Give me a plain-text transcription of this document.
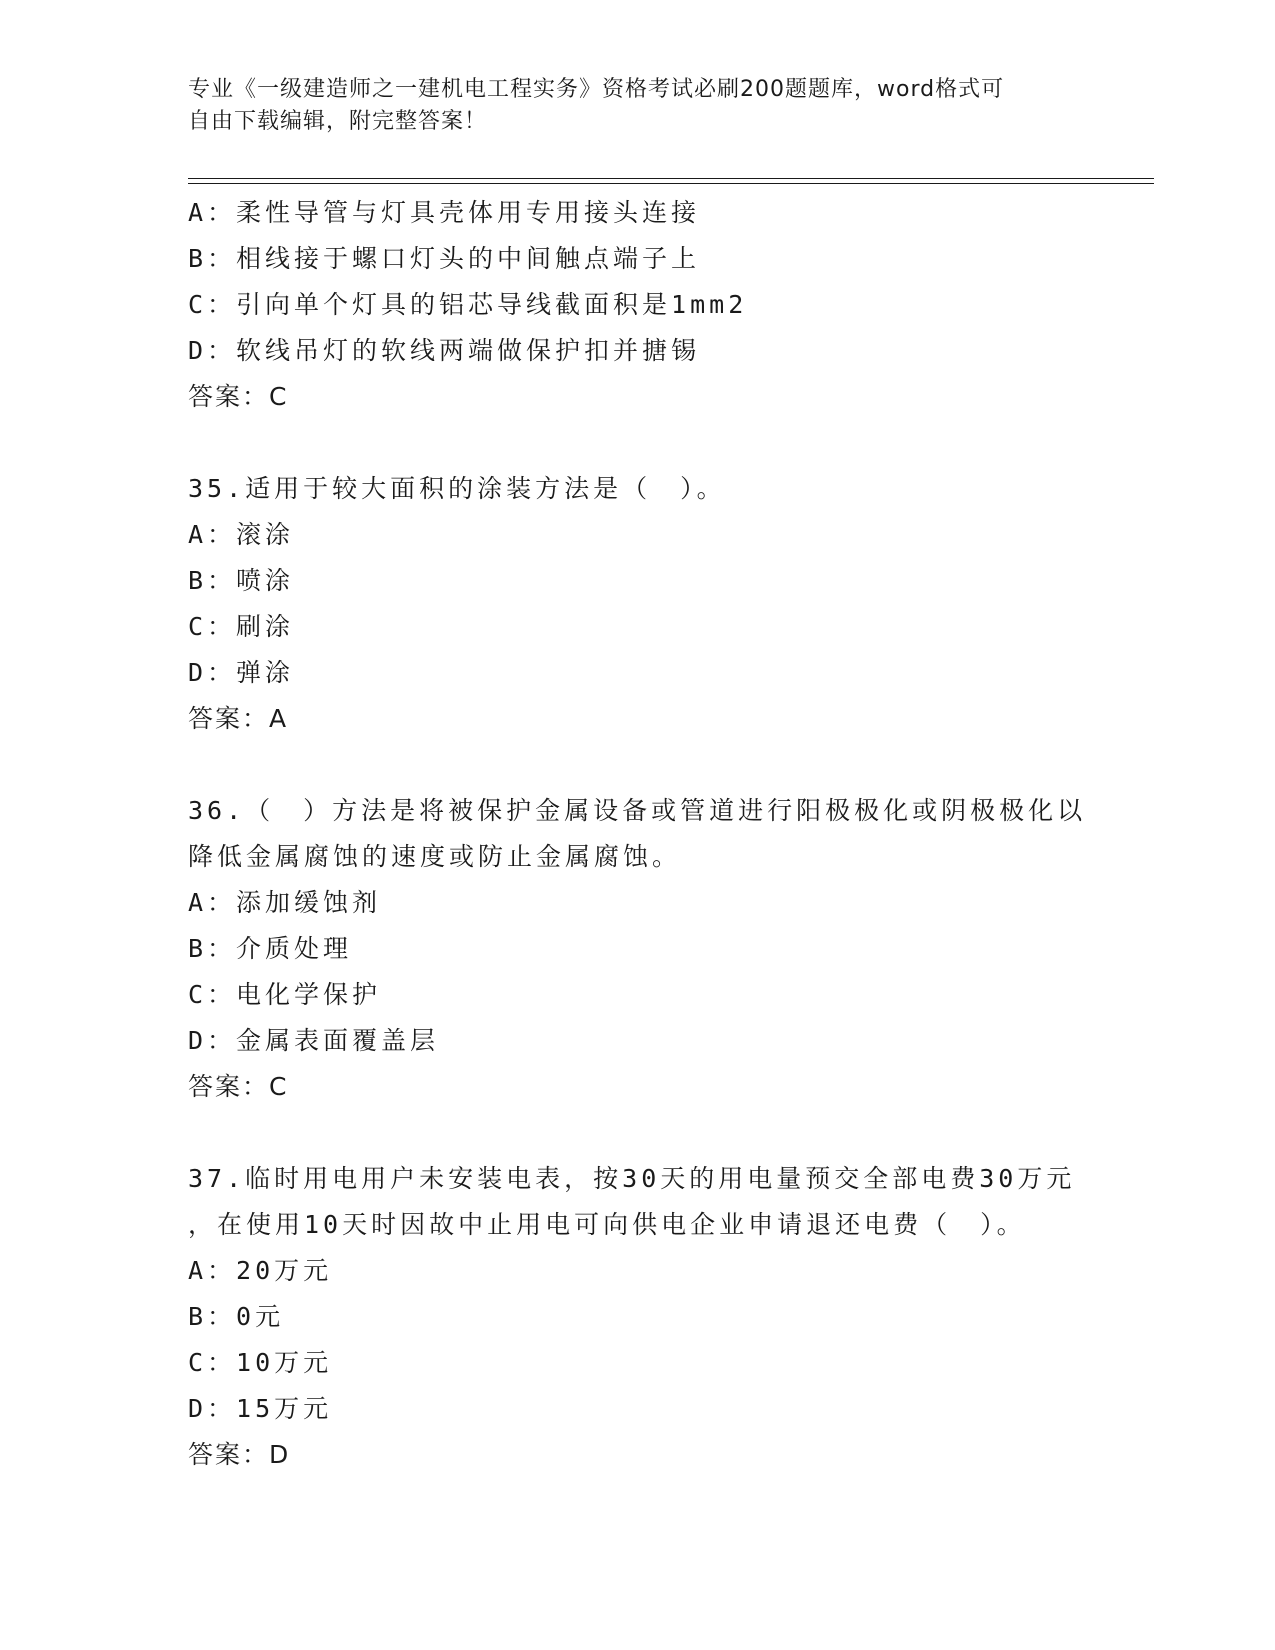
专业《一级建造师之一建机电工程实务》资格考试必刷200题题库，word格式可
自由下载编辑，附完整答案！
A：柔性导管与灯具壳体用专用接头连接
B：相线接于螺口灯头的中间触点端子上
C：引向单个灯具的铝芯导线截面积是1mm2
D：软线吊灯的软线两端做保护扣并搪锡
答案：C
35.适用于较大面积的涂装方法是（　）。
A：滚涂
B：喷涂
C：刷涂
D：弹涂
答案：A
36.（　）方法是将被保护金属设备或管道进行阳极极化或阴极极化以
降低金属腐蚀的速度或防止金属腐蚀。
A：添加缓蚀剂
B：介质处理
C：电化学保护
D：金属表面覆盖层
答案：C
37.临时用电用户未安装电表，按30天的用电量预交全部电费30万元
，在使用10天时因故中止用电可向供电企业申请退还电费（　）。
A：20万元
B：0元
C：10万元
D：15万元
答案：D
